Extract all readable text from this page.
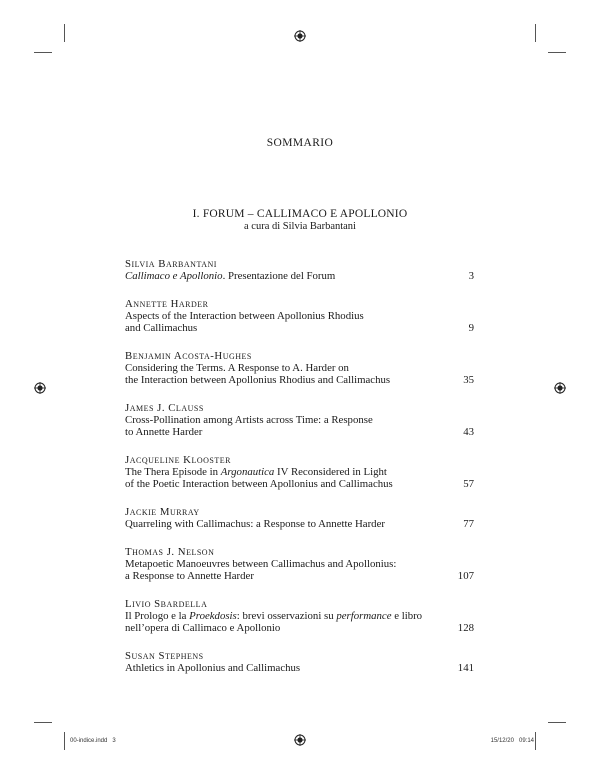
SOMMARIO
I. FORUM – CALLIMACO E APOLLONIO
a cura di Silvia Barbantani
Silvia Barbantani
Callimaco e Apollonio. Presentazione del Forum	3
Annette Harder
Aspects of the Interaction between Apollonius Rhodius
and Callimachus	9
Benjamin Acosta-Hughes
Considering the Terms. A Response to A. Harder on
the Interaction between Apollonius Rhodius and Callimachus	35
James J. Clauss
Cross-Pollination among Artists across Time: a Response
to Annette Harder	43
Jacqueline Klooster
The Thera Episode in Argonautica IV Reconsidered in Light
of the Poetic Interaction between Apollonius and Callimachus	57
Jackie Murray
Quarreling with Callimachus: a Response to Annette Harder	77
Thomas J. Nelson
Metapoetic Manoeuvres between Callimachus and Apollonius:
a Response to Annette Harder	107
Livio Sbardella
Il Prologo e la Proekdosis: brevi osservazioni su performance e libro
nell’opera di Callimaco e Apollonio	128
Susan Stephens
Athletics in Apollonius and Callimachus	141
00-indice.indd   3	15/12/20   09:14
